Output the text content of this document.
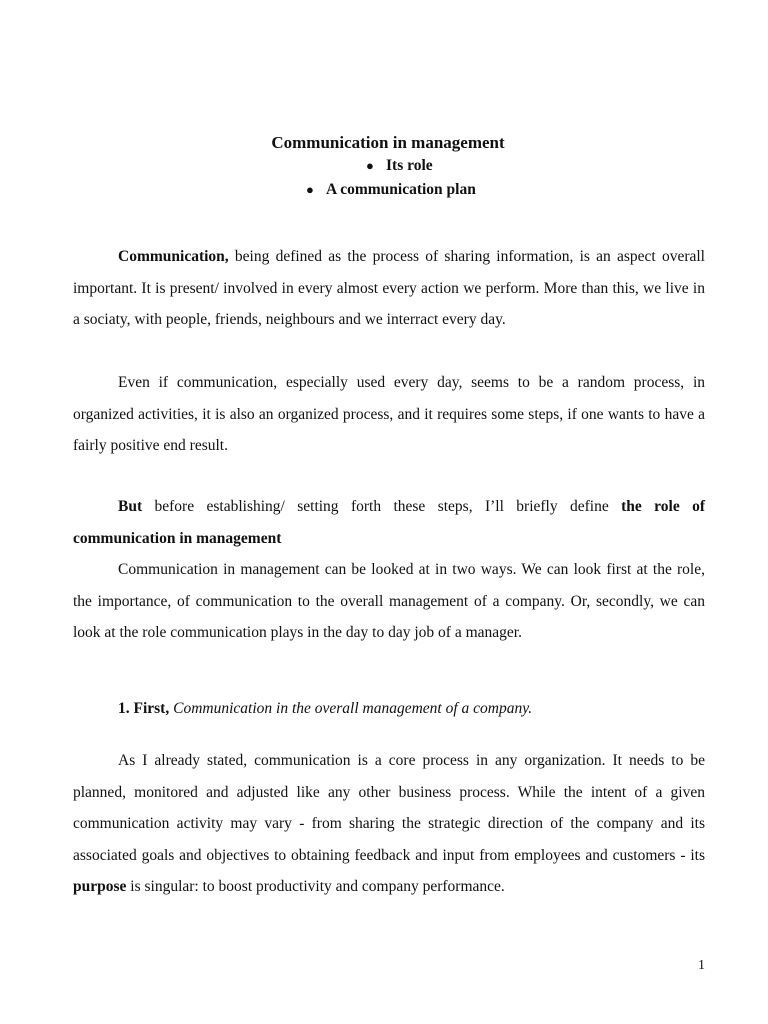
Communication in management
● Its role
● A communication plan

Communication, being defined as the process of sharing information, is an aspect overall important. It is present/ involved in every almost every action we perform. More than this, we live in a sociaty, with people, friends, neighbours and we interract every day.

Even if communication, especially used every day, seems to be a random process, in organized activities, it is also an organized process, and it requires some steps, if one wants to have a fairly positive end result.

But before establishing/ setting forth these steps, I’ll briefly define the role of communication in management

Communication in management can be looked at in two ways. We can look first at the role, the importance, of communication to the overall management of a company. Or, secondly, we can look at the role communication plays in the day to day job of a manager.

1. First, Communication in the overall management of a company.

As I already stated, communication is a core process in any organization. It needs to be planned, monitored and adjusted like any other business process. While the intent of a given communication activity may vary - from sharing the strategic direction of the company and its associated goals and objectives to obtaining feedback and input from employees and customers - its purpose is singular: to boost productivity and company performance.

1
